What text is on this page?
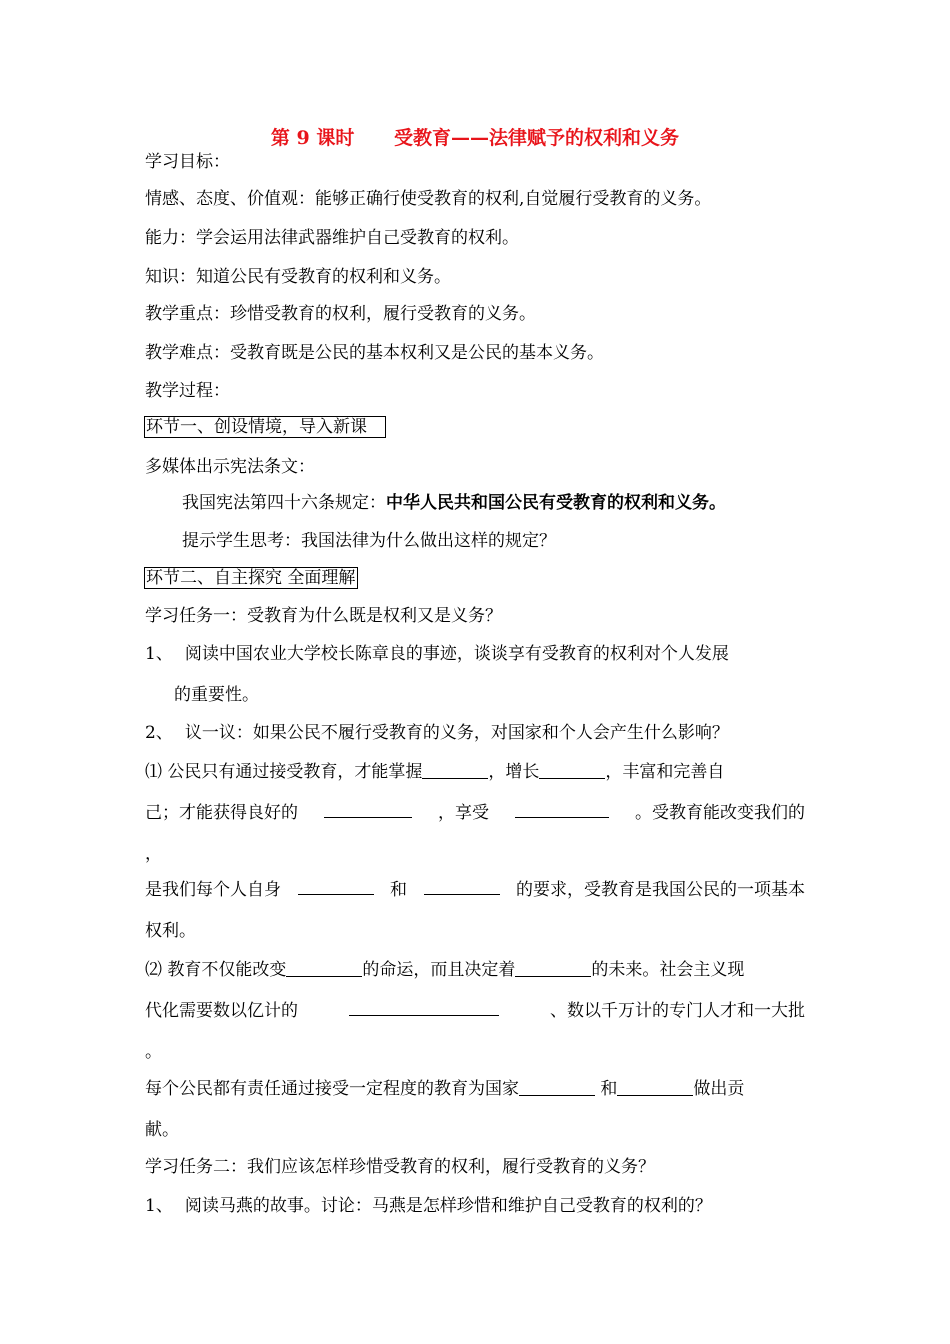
第 9 课时      受教育——法律赋予的权利和义务
学习目标：
情感、态度、价值观：能够正确行使受教育的权利,自觉履行受教育的义务。
能力：学会运用法律武器维护自己受教育的权利。
知识：知道公民有受教育的权利和义务。
教学重点：珍惜受教育的权利，履行受教育的义务。
教学难点：受教育既是公民的基本权利又是公民的基本义务。
教学过程：
环节一、创设情境，导入新课
多媒体出示宪法条文：
我国宪法第四十六条规定：中华人民共和国公民有受教育的权利和义务。
提示学生思考：我国法律为什么做出这样的规定？
环节二、自主探究 全面理解
学习任务一：受教育为什么既是权利又是义务？
1、 阅读中国农业大学校长陈章良的事迹，谈谈享有受教育的权利对个人发展
的重要性。
2、 议一议：如果公民不履行受教育的义务，对国家和个人会产生什么影响？
⑴ 公民只有通过接受教育，才能掌握	，增长	，丰富和完善自
己；才能获得良好的	，享受	。受教育能改变我们的
，
是我们每个人自身	和	的要求，受教育是我国公民的一项基本
权利。
⑵ 教育不仅能改变	的命运，而且决定着	的未来。社会主义现
代化需要数以亿计的	、数以千万计的专门人才和一大批
。
每个公民都有责任通过接受一定程度的教育为国家	和	做出贡
献。
学习任务二：我们应该怎样珍惜受教育的权利，履行受教育的义务？
1、 阅读马燕的故事。讨论：马燕是怎样珍惜和维护自己受教育的权利的？
